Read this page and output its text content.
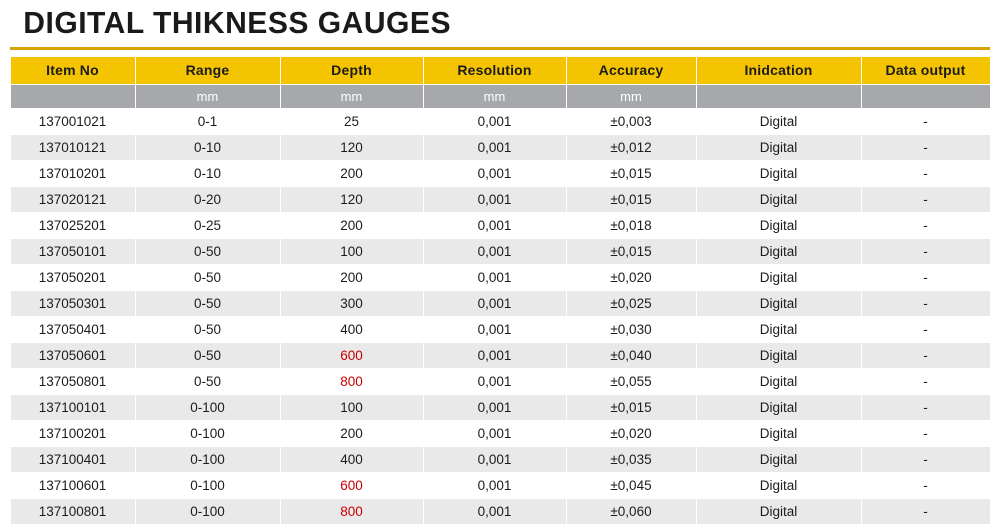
DIGITAL THIKNESS GAUGES
Item No	Range	Depth	Resolution	Accuracy	Inidcation	Data output
	mm	mm	mm	mm		
137001021	0-1	25	0,001	±0,003	Digital	-
137010121	0-10	120	0,001	±0,012	Digital	-
137010201	0-10	200	0,001	±0,015	Digital	-
137020121	0-20	120	0,001	±0,015	Digital	-
137025201	0-25	200	0,001	±0,018	Digital	-
137050101	0-50	100	0,001	±0,015	Digital	-
137050201	0-50	200	0,001	±0,020	Digital	-
137050301	0-50	300	0,001	±0,025	Digital	-
137050401	0-50	400	0,001	±0,030	Digital	-
137050601	0-50	600	0,001	±0,040	Digital	-
137050801	0-50	800	0,001	±0,055	Digital	-
137100101	0-100	100	0,001	±0,015	Digital	-
137100201	0-100	200	0,001	±0,020	Digital	-
137100401	0-100	400	0,001	±0,035	Digital	-
137100601	0-100	600	0,001	±0,045	Digital	-
137100801	0-100	800	0,001	±0,060	Digital	-
